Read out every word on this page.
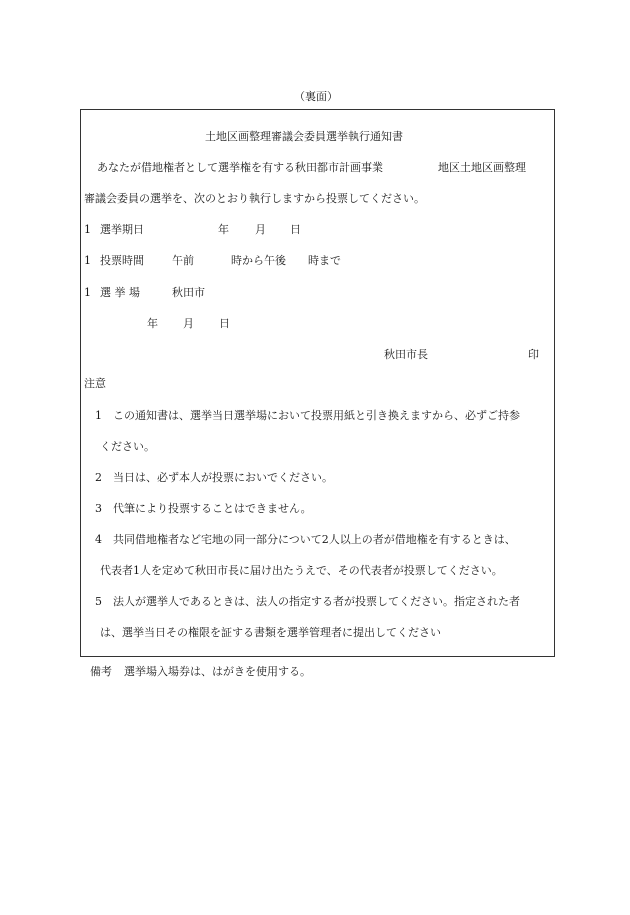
（裏面）
土地区画整理審議会委員選挙執行通知書
あなたが借地権者として選挙権を有する秋田都市計画事業　　　　　地区土地区画整理
審議会委員の選挙を、次のとおり執行しますから投票してください。
1 選挙期日	年 月 日
1 投票時間	午前	時から午後 時まで
1 選 挙 場	秋田市
年 月 日
秋田市長	印
注意
1 この通知書は、選挙当日選挙場において投票用紙と引き換えますから、必ずご持参
ください。
2 当日は、必ず本人が投票においでください。
3 代筆により投票することはできません。
4 共同借地権者など宅地の同一部分について2人以上の者が借地権を有するときは、
代表者1人を定めて秋田市長に届け出たうえで、その代表者が投票してください。
5 法人が選挙人であるときは、法人の指定する者が投票してください。指定された者
は、選挙当日その権限を証する書類を選挙管理者に提出してください
備考 選挙場入場券は、はがきを使用する。
